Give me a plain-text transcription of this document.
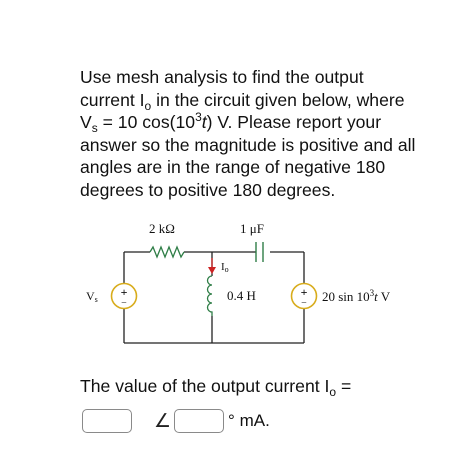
Use mesh analysis to find the output
current $I_o$ in the circuit given below, where
$V_s = 10$ $\cos(10^3t)$ V. Please report your
answer so the magnitude is positive and all
angles are in the range of negative 180
degrees to positive 180 degrees.
2 kΩ	1 μF
Io
0.4 H
+
−
Vs
+
− 20 $\sin 10^3t$ V
The value of the output current $I_o$ =
∠	° mA.
